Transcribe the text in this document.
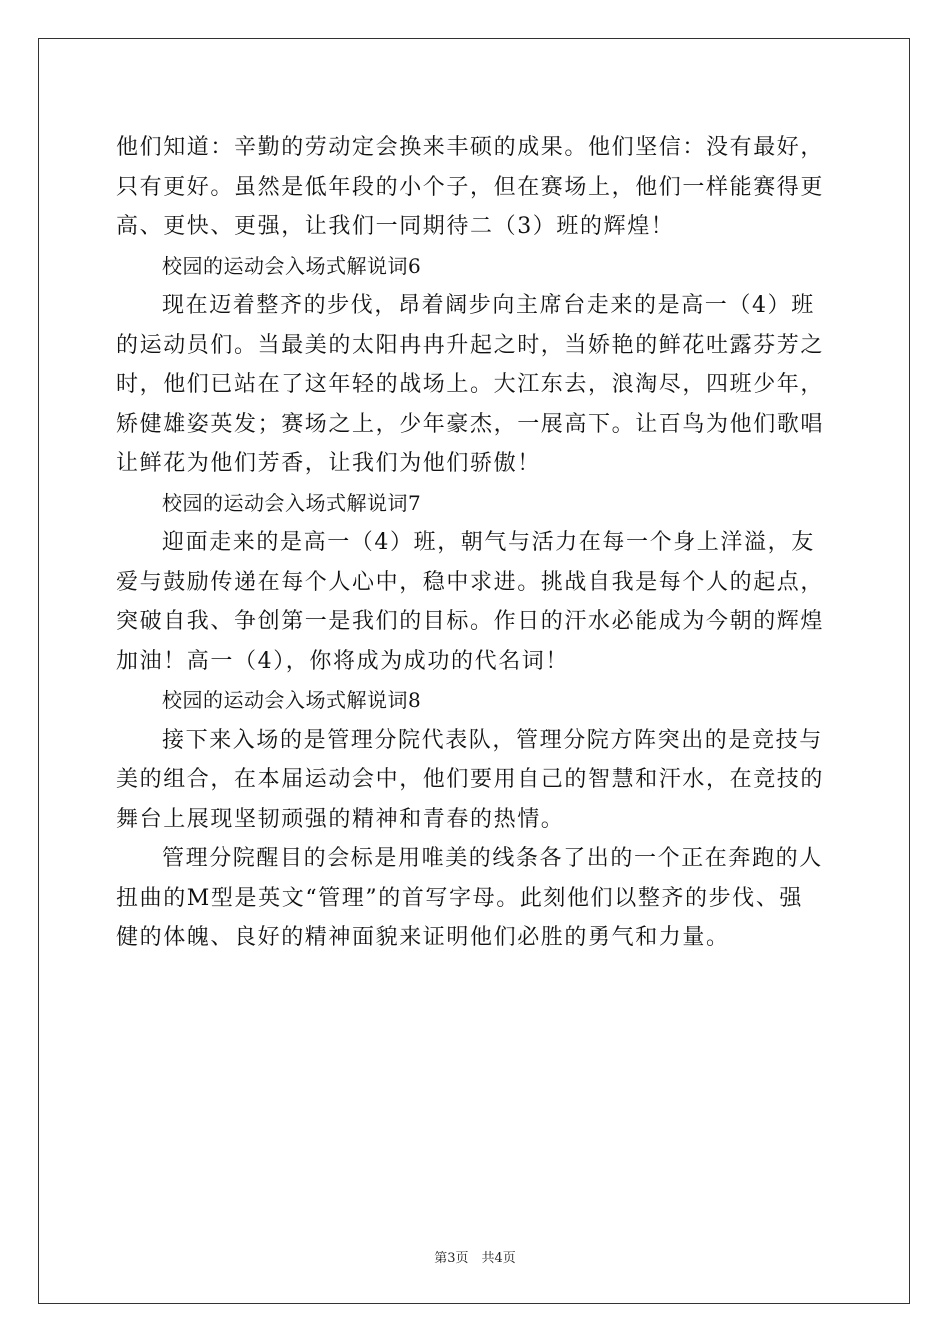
他们知道：辛勤的劳动定会换来丰硕的成果。他们坚信：没有最好，
只有更好。虽然是低年段的小个子，但在赛场上，他们一样能赛得更
高、更快、更强，让我们一同期待二（3）班的辉煌！
校园的运动会入场式解说词6
现在迈着整齐的步伐，昂着阔步向主席台走来的是高一（4）班
的运动员们。当最美的太阳冉冉升起之时，当娇艳的鲜花吐露芬芳之
时，他们已站在了这年轻的战场上。大江东去，浪淘尽，四班少年，
矫健雄姿英发；赛场之上，少年豪杰，一展高下。让百鸟为他们歌唱
让鲜花为他们芳香，让我们为他们骄傲！
校园的运动会入场式解说词7
迎面走来的是高一（4）班，朝气与活力在每一个身上洋溢，友
爱与鼓励传递在每个人心中，稳中求进。挑战自我是每个人的起点，
突破自我、争创第一是我们的目标。作日的汗水必能成为今朝的辉煌
加油！高一（4），你将成为成功的代名词！
校园的运动会入场式解说词8
接下来入场的是管理分院代表队，管理分院方阵突出的是竞技与
美的组合，在本届运动会中，他们要用自己的智慧和汗水，在竞技的
舞台上展现坚韧顽强的精神和青春的热情。
管理分院醒目的会标是用唯美的线条各了出的一个正在奔跑的人
扭曲的M型是英文“管理”的首写字母。此刻他们以整齐的步伐、强
健的体魄、良好的精神面貌来证明他们必胜的勇气和力量。
第3页　共4页
